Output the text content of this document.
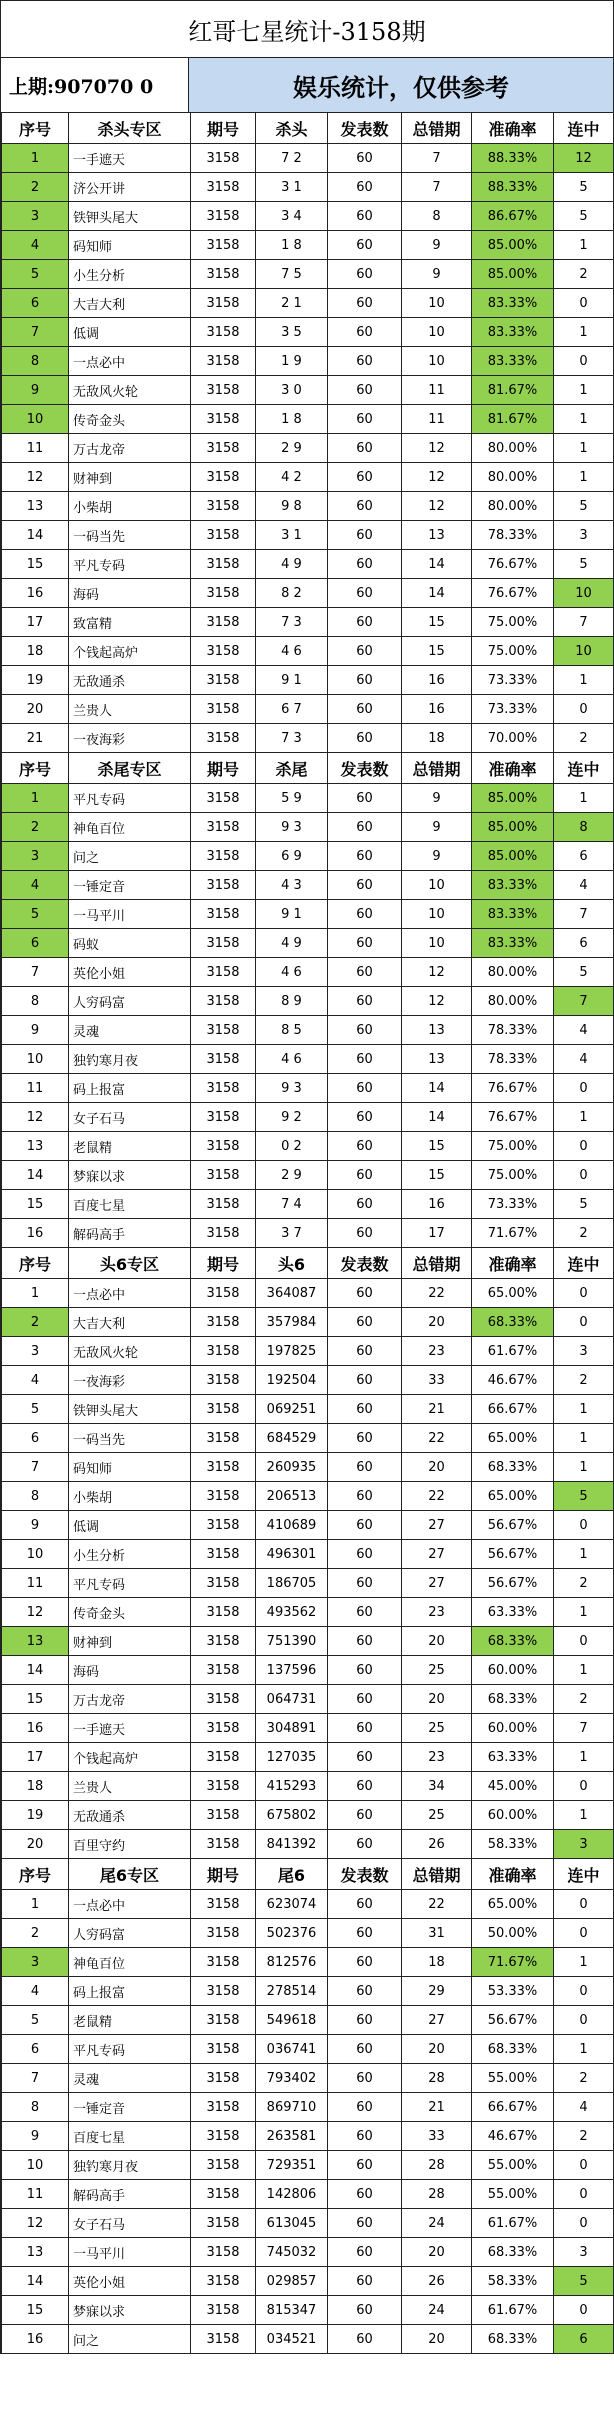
红哥七星统计-3158期
上期:907070 0	娱乐统计，仅供参考
序号	杀头专区	期号	杀头	发表数	总错期	准确率	连中
1	一手遮天	3158	7 2	60	7	88.33%	12
2	济公开讲	3158	3 1	60	7	88.33%	5
3	铁钾头尾大	3158	3 4	60	8	86.67%	5
4	码知师	3158	1 8	60	9	85.00%	1
5	小生分析	3158	7 5	60	9	85.00%	2
6	大吉大利	3158	2 1	60	10	83.33%	0
7	低调	3158	3 5	60	10	83.33%	1
8	一点必中	3158	1 9	60	10	83.33%	0
9	无敌风火轮	3158	3 0	60	11	81.67%	1
10	传奇金头	3158	1 8	60	11	81.67%	1
11	万古龙帝	3158	2 9	60	12	80.00%	1
12	财神到	3158	4 2	60	12	80.00%	1
13	小柴胡	3158	9 8	60	12	80.00%	5
14	一码当先	3158	3 1	60	13	78.33%	3
15	平凡专码	3158	4 9	60	14	76.67%	5
16	海码	3158	8 2	60	14	76.67%	10
17	致富精	3158	7 3	60	15	75.00%	7
18	个钱起高炉	3158	4 6	60	15	75.00%	10
19	无敌通杀	3158	9 1	60	16	73.33%	1
20	兰贵人	3158	6 7	60	16	73.33%	0
21	一夜海彩	3158	7 3	60	18	70.00%	2
序号	杀尾专区	期号	杀尾	发表数	总错期	准确率	连中
1	平凡专码	3158	5 9	60	9	85.00%	1
2	神龟百位	3158	9 3	60	9	85.00%	8
3	问之	3158	6 9	60	9	85.00%	6
4	一锤定音	3158	4 3	60	10	83.33%	4
5	一马平川	3158	9 1	60	10	83.33%	7
6	码蚁	3158	4 9	60	10	83.33%	6
7	英伦小姐	3158	4 6	60	12	80.00%	5
8	人穷码富	3158	8 9	60	12	80.00%	7
9	灵魂	3158	8 5	60	13	78.33%	4
10	独钓寒月夜	3158	4 6	60	13	78.33%	4
11	码上报富	3158	9 3	60	14	76.67%	0
12	女子石马	3158	9 2	60	14	76.67%	1
13	老鼠精	3158	0 2	60	15	75.00%	0
14	梦寐以求	3158	2 9	60	15	75.00%	0
15	百度七星	3158	7 4	60	16	73.33%	5
16	解码高手	3158	3 7	60	17	71.67%	2
序号	头6专区	期号	头6	发表数	总错期	准确率	连中
1	一点必中	3158	364087	60	22	65.00%	0
2	大吉大利	3158	357984	60	20	68.33%	0
3	无敌风火轮	3158	197825	60	23	61.67%	3
4	一夜海彩	3158	192504	60	33	46.67%	2
5	铁钾头尾大	3158	069251	60	21	66.67%	1
6	一码当先	3158	684529	60	22	65.00%	1
7	码知师	3158	260935	60	20	68.33%	1
8	小柴胡	3158	206513	60	22	65.00%	5
9	低调	3158	410689	60	27	56.67%	0
10	小生分析	3158	496301	60	27	56.67%	1
11	平凡专码	3158	186705	60	27	56.67%	2
12	传奇金头	3158	493562	60	23	63.33%	1
13	财神到	3158	751390	60	20	68.33%	0
14	海码	3158	137596	60	25	60.00%	1
15	万古龙帝	3158	064731	60	20	68.33%	2
16	一手遮天	3158	304891	60	25	60.00%	7
17	个钱起高炉	3158	127035	60	23	63.33%	1
18	兰贵人	3158	415293	60	34	45.00%	0
19	无敌通杀	3158	675802	60	25	60.00%	1
20	百里守约	3158	841392	60	26	58.33%	3
序号	尾6专区	期号	尾6	发表数	总错期	准确率	连中
1	一点必中	3158	623074	60	22	65.00%	0
2	人穷码富	3158	502376	60	31	50.00%	0
3	神龟百位	3158	812576	60	18	71.67%	1
4	码上报富	3158	278514	60	29	53.33%	0
5	老鼠精	3158	549618	60	27	56.67%	0
6	平凡专码	3158	036741	60	20	68.33%	1
7	灵魂	3158	793402	60	28	55.00%	2
8	一锤定音	3158	869710	60	21	66.67%	4
9	百度七星	3158	263581	60	33	46.67%	2
10	独钓寒月夜	3158	729351	60	28	55.00%	0
11	解码高手	3158	142806	60	28	55.00%	0
12	女子石马	3158	613045	60	24	61.67%	0
13	一马平川	3158	745032	60	20	68.33%	3
14	英伦小姐	3158	029857	60	26	58.33%	5
15	梦寐以求	3158	815347	60	24	61.67%	0
16	问之	3158	034521	60	20	68.33%	6
